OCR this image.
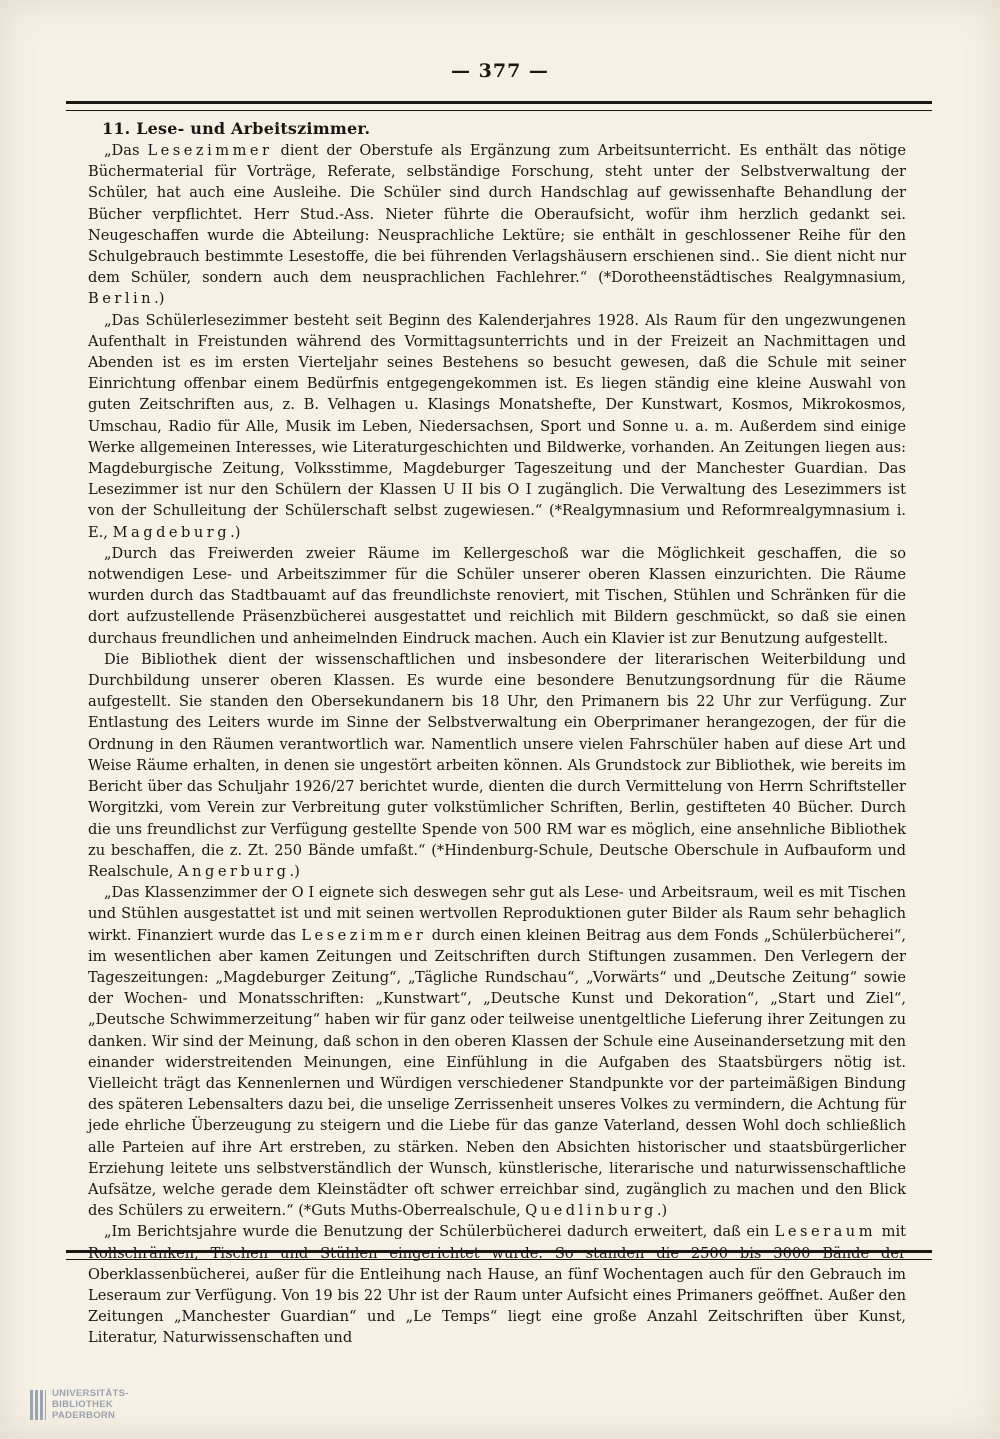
— 377 —

11. Lese- und Arbeitszimmer.

„Das Lesezimmer dient der Oberstufe als Ergänzung zum Arbeitsunterricht. Es enthält das nötige Büchermaterial für Vorträge, Referate, selbständige Forschung, steht unter der Selbstverwaltung der Schüler, hat auch eine Ausleihe. Die Schüler sind durch Handschlag auf gewissenhafte Behandlung der Bücher verpflichtet. Herr Stud.-Ass. Nieter führte die Oberaufsicht, wofür ihm herzlich gedankt sei. Neugeschaffen wurde die Abteilung: Neusprachliche Lektüre; sie enthält in geschlossener Reihe für den Schulgebrauch bestimmte Lesestoffe, die bei führenden Verlagshäusern erschienen sind.. Sie dient nicht nur dem Schüler, sondern auch dem neusprachlichen Fachlehrer.“ (*Dorotheenstädtisches Realgymnasium, Berlin.)

„Das Schülerlesezimmer besteht seit Beginn des Kalenderjahres 1928. Als Raum für den ungezwungenen Aufenthalt in Freistunden während des Vormittagsunterrichts und in der Freizeit an Nachmittagen und Abenden ist es im ersten Vierteljahr seines Bestehens so besucht gewesen, daß die Schule mit seiner Einrichtung offenbar einem Bedürfnis entgegengekommen ist. Es liegen ständig eine kleine Auswahl von guten Zeitschriften aus, z. B. Velhagen u. Klasings Monatshefte, Der Kunstwart, Kosmos, Mikrokosmos, Umschau, Radio für Alle, Musik im Leben, Niedersachsen, Sport und Sonne u. a. m. Außerdem sind einige Werke allgemeinen Interesses, wie Literaturgeschichten und Bildwerke, vorhanden. An Zeitungen liegen aus: Magdeburgische Zeitung, Volksstimme, Magdeburger Tageszeitung und der Manchester Guardian. Das Lesezimmer ist nur den Schülern der Klassen U II bis O I zugänglich. Die Verwaltung des Lesezimmers ist von der Schulleitung der Schülerschaft selbst zugewiesen.“ (*Realgymnasium und Reformrealgymnasium i. E., Magdeburg.)

„Durch das Freiwerden zweier Räume im Kellergeschoß war die Möglichkeit geschaffen, die so notwendigen Lese- und Arbeitszimmer für die Schüler unserer oberen Klassen einzurichten. Die Räume wurden durch das Stadtbauamt auf das freundlichste renoviert, mit Tischen, Stühlen und Schränken für die dort aufzustellende Präsenzbücherei ausgestattet und reichlich mit Bildern geschmückt, so daß sie einen durchaus freundlichen und anheimelnden Eindruck machen. Auch ein Klavier ist zur Benutzung aufgestellt.

Die Bibliothek dient der wissenschaftlichen und insbesondere der literarischen Weiterbildung und Durchbildung unserer oberen Klassen. Es wurde eine besondere Benutzungsordnung für die Räume aufgestellt. Sie standen den Obersekundanern bis 18 Uhr, den Primanern bis 22 Uhr zur Verfügung. Zur Entlastung des Leiters wurde im Sinne der Selbstverwaltung ein Oberprimaner herangezogen, der für die Ordnung in den Räumen verantwortlich war. Namentlich unsere vielen Fahrschüler haben auf diese Art und Weise Räume erhalten, in denen sie ungestört arbeiten können. Als Grundstock zur Bibliothek, wie bereits im Bericht über das Schuljahr 1926/27 berichtet wurde, dienten die durch Vermittelung von Herrn Schriftsteller Worgitzki, vom Verein zur Verbreitung guter volkstümlicher Schriften, Berlin, gestifteten 40 Bücher. Durch die uns freundlichst zur Verfügung gestellte Spende von 500 RM war es möglich, eine ansehnliche Bibliothek zu beschaffen, die z. Zt. 250 Bände umfaßt.“ (*Hindenburg-Schule, Deutsche Oberschule in Aufbauform und Realschule, Angerburg.)

„Das Klassenzimmer der O I eignete sich deswegen sehr gut als Lese- und Arbeitsraum, weil es mit Tischen und Stühlen ausgestattet ist und mit seinen wertvollen Reproduktionen guter Bilder als Raum sehr behaglich wirkt. Finanziert wurde das Lesezimmer durch einen kleinen Beitrag aus dem Fonds „Schülerbücherei“, im wesentlichen aber kamen Zeitungen und Zeitschriften durch Stiftungen zusammen. Den Verlegern der Tageszeitungen: „Magdeburger Zeitung“, „Tägliche Rundschau“, „Vorwärts“ und „Deutsche Zeitung“ sowie der Wochen- und Monatsschriften: „Kunstwart“, „Deutsche Kunst und Dekoration“, „Start und Ziel“, „Deutsche Schwimmerzeitung“ haben wir für ganz oder teilweise unentgeltliche Lieferung ihrer Zeitungen zu danken. Wir sind der Meinung, daß schon in den oberen Klassen der Schule eine Auseinandersetzung mit den einander widerstreitenden Meinungen, eine Einfühlung in die Aufgaben des Staatsbürgers nötig ist. Vielleicht trägt das Kennenlernen und Würdigen verschiedener Standpunkte vor der parteimäßigen Bindung des späteren Lebensalters dazu bei, die unselige Zerrissenheit unseres Volkes zu vermindern, die Achtung für jede ehrliche Überzeugung zu steigern und die Liebe für das ganze Vaterland, dessen Wohl doch schließlich alle Parteien auf ihre Art erstreben, zu stärken. Neben den Absichten historischer und staatsbürgerlicher Erziehung leitete uns selbstverständlich der Wunsch, künstlerische, literarische und naturwissenschaftliche Aufsätze, welche gerade dem Kleinstädter oft schwer erreichbar sind, zugänglich zu machen und den Blick des Schülers zu erweitern.“ (*Guts Muths-Oberrealschule, Quedlinburg.)

„Im Berichtsjahre wurde die Benutzung der Schülerbücherei dadurch erweitert, daß ein Leseraum mit Rollschränken, Tischen und Stühlen eingerichtet wurde. So standen die 2500 bis 3000 Bände der Oberklassenbücherei, außer für die Entleihung nach Hause, an fünf Wochentagen auch für den Gebrauch im Leseraum zur Verfügung. Von 19 bis 22 Uhr ist der Raum unter Aufsicht eines Primaners geöffnet. Außer den Zeitungen „Manchester Guardian“ und „Le Temps“ liegt eine große Anzahl Zeitschriften über Kunst, Literatur, Naturwissenschaften und

UNIVERSITÄTS-
BIBLIOTHEK
PADERBORN
